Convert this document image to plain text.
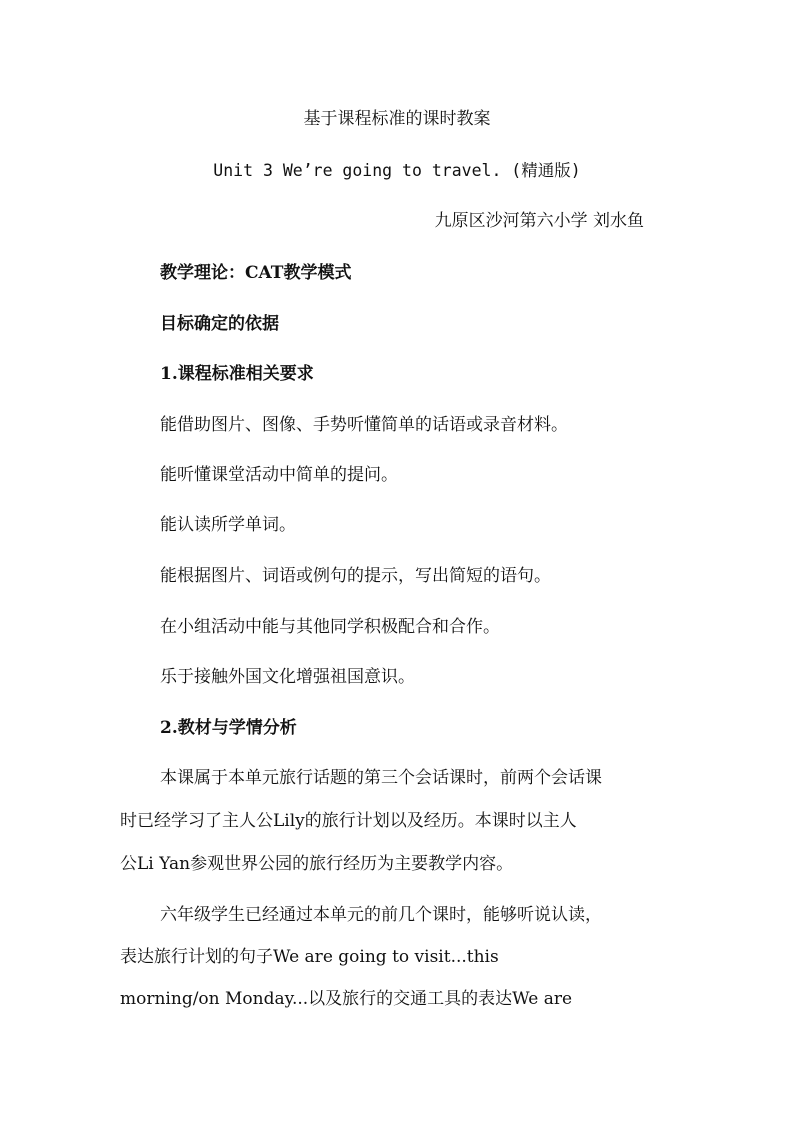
基于课程标准的课时教案
Unit 3 We’re going to travel. (精通版)
九原区沙河第六小学 刘水鱼
教学理论：CAT教学模式
目标确定的依据
1.课程标准相关要求
能借助图片、图像、手势听懂简单的话语或录音材料。
能听懂课堂活动中简单的提问。
能认读所学单词。
能根据图片、词语或例句的提示，写出简短的语句。
在小组活动中能与其他同学积极配合和合作。
乐于接触外国文化增强祖国意识。
2.教材与学情分析
本课属于本单元旅行话题的第三个会话课时，前两个会话课
时已经学习了主人公Lily的旅行计划以及经历。本课时以主人
公Li Yan参观世界公园的旅行经历为主要教学内容。
六年级学生已经通过本单元的前几个课时，能够听说认读，
表达旅行计划的句子We are going to visit...this
morning/on Monday...以及旅行的交通工具的表达We are
